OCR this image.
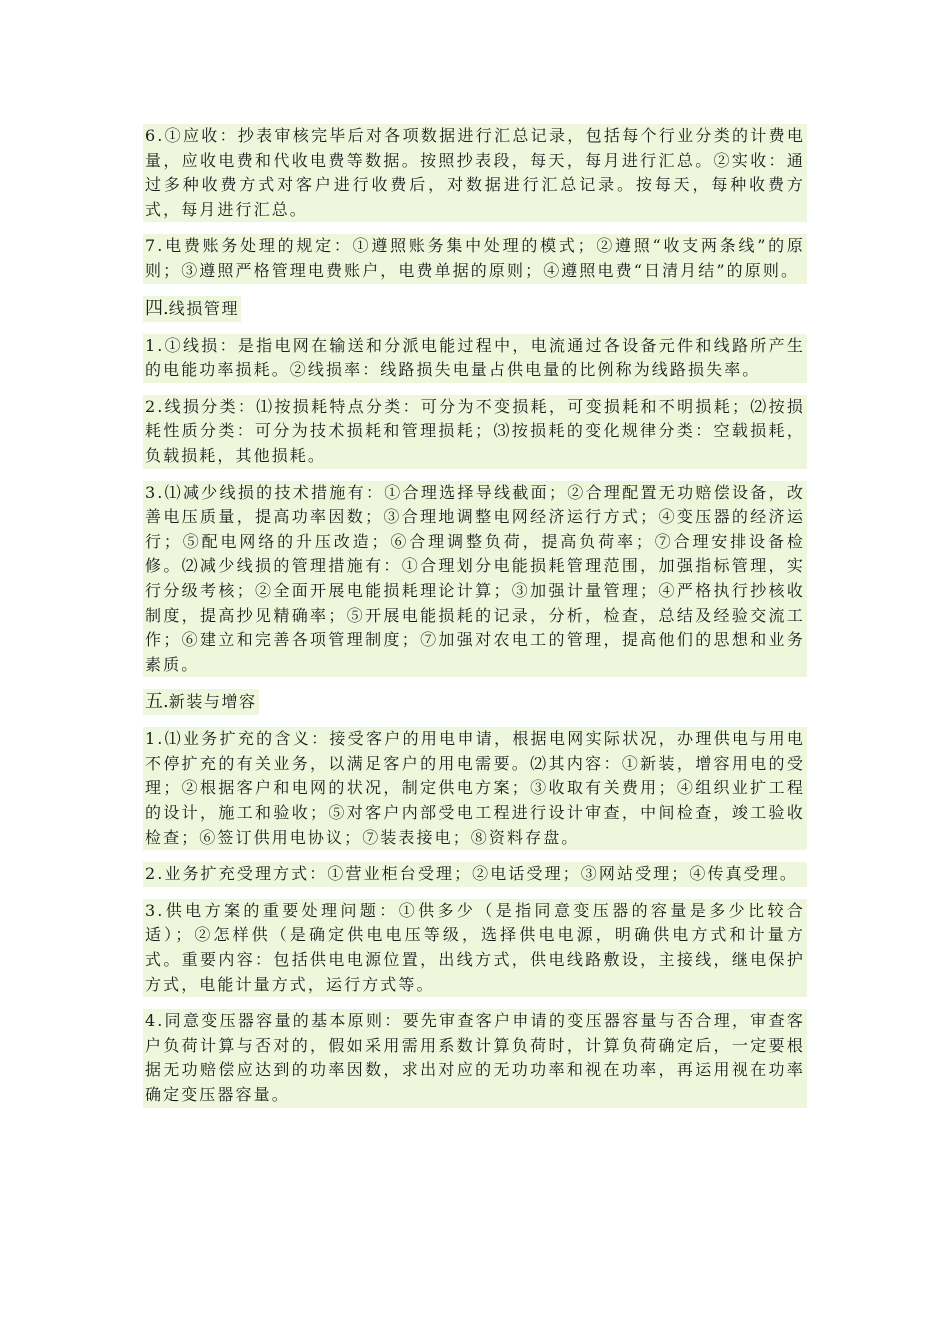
6.①应收：抄表审核完毕后对各项数据进行汇总记录，包括每个行业分类的计费电量，应收电费和代收电费等数据。按照抄表段，每天，每月进行汇总。②实收：通过多种收费方式对客户进行收费后，对数据进行汇总记录。按每天，每种收费方式，每月进行汇总。

7.电费账务处理的规定：①遵照账务集中处理的模式；②遵照“收支两条线”的原则；③遵照严格管理电费账户，电费单据的原则；④遵照电费“日清月结”的原则。

四.线损管理

1.①线损：是指电网在输送和分派电能过程中，电流通过各设备元件和线路所产生的电能功率损耗。②线损率：线路损失电量占供电量的比例称为线路损失率。

2.线损分类：⑴按损耗特点分类：可分为不变损耗，可变损耗和不明损耗；⑵按损耗性质分类：可分为技术损耗和管理损耗；⑶按损耗的变化规律分类：空载损耗，负载损耗，其他损耗。

3.⑴减少线损的技术措施有：①合理选择导线截面；②合理配置无功赔偿设备，改善电压质量，提高功率因数；③合理地调整电网经济运行方式；④变压器的经济运行；⑤配电网络的升压改造；⑥合理调整负荷，提高负荷率；⑦合理安排设备检修。⑵减少线损的管理措施有：①合理划分电能损耗管理范围，加强指标管理，实行分级考核；②全面开展电能损耗理论计算；③加强计量管理；④严格执行抄核收制度，提高抄见精确率；⑤开展电能损耗的记录，分析，检查，总结及经验交流工作；⑥建立和完善各项管理制度；⑦加强对农电工的管理，提高他们的思想和业务素质。

五.新装与增容

1.⑴业务扩充的含义：接受客户的用电申请，根据电网实际状况，办理供电与用电不停扩充的有关业务，以满足客户的用电需要。⑵其内容：①新装，增容用电的受理；②根据客户和电网的状况，制定供电方案；③收取有关费用；④组织业扩工程的设计，施工和验收；⑤对客户内部受电工程进行设计审查，中间检查，竣工验收检查；⑥签订供用电协议；⑦装表接电；⑧资料存盘。

2.业务扩充受理方式：①营业柜台受理；②电话受理；③网站受理；④传真受理。

3.供电方案的重要处理问题：①供多少（是指同意变压器的容量是多少比较合适）；②怎样供（是确定供电电压等级，选择供电电源，明确供电方式和计量方式。重要内容：包括供电电源位置，出线方式，供电线路敷设，主接线，继电保护方式，电能计量方式，运行方式等。

4.同意变压器容量的基本原则：要先审查客户申请的变压器容量与否合理，审查客户负荷计算与否对的，假如采用需用系数计算负荷时，计算负荷确定后，一定要根据无功赔偿应达到的功率因数，求出对应的无功功率和视在功率，再运用视在功率确定变压器容量。
